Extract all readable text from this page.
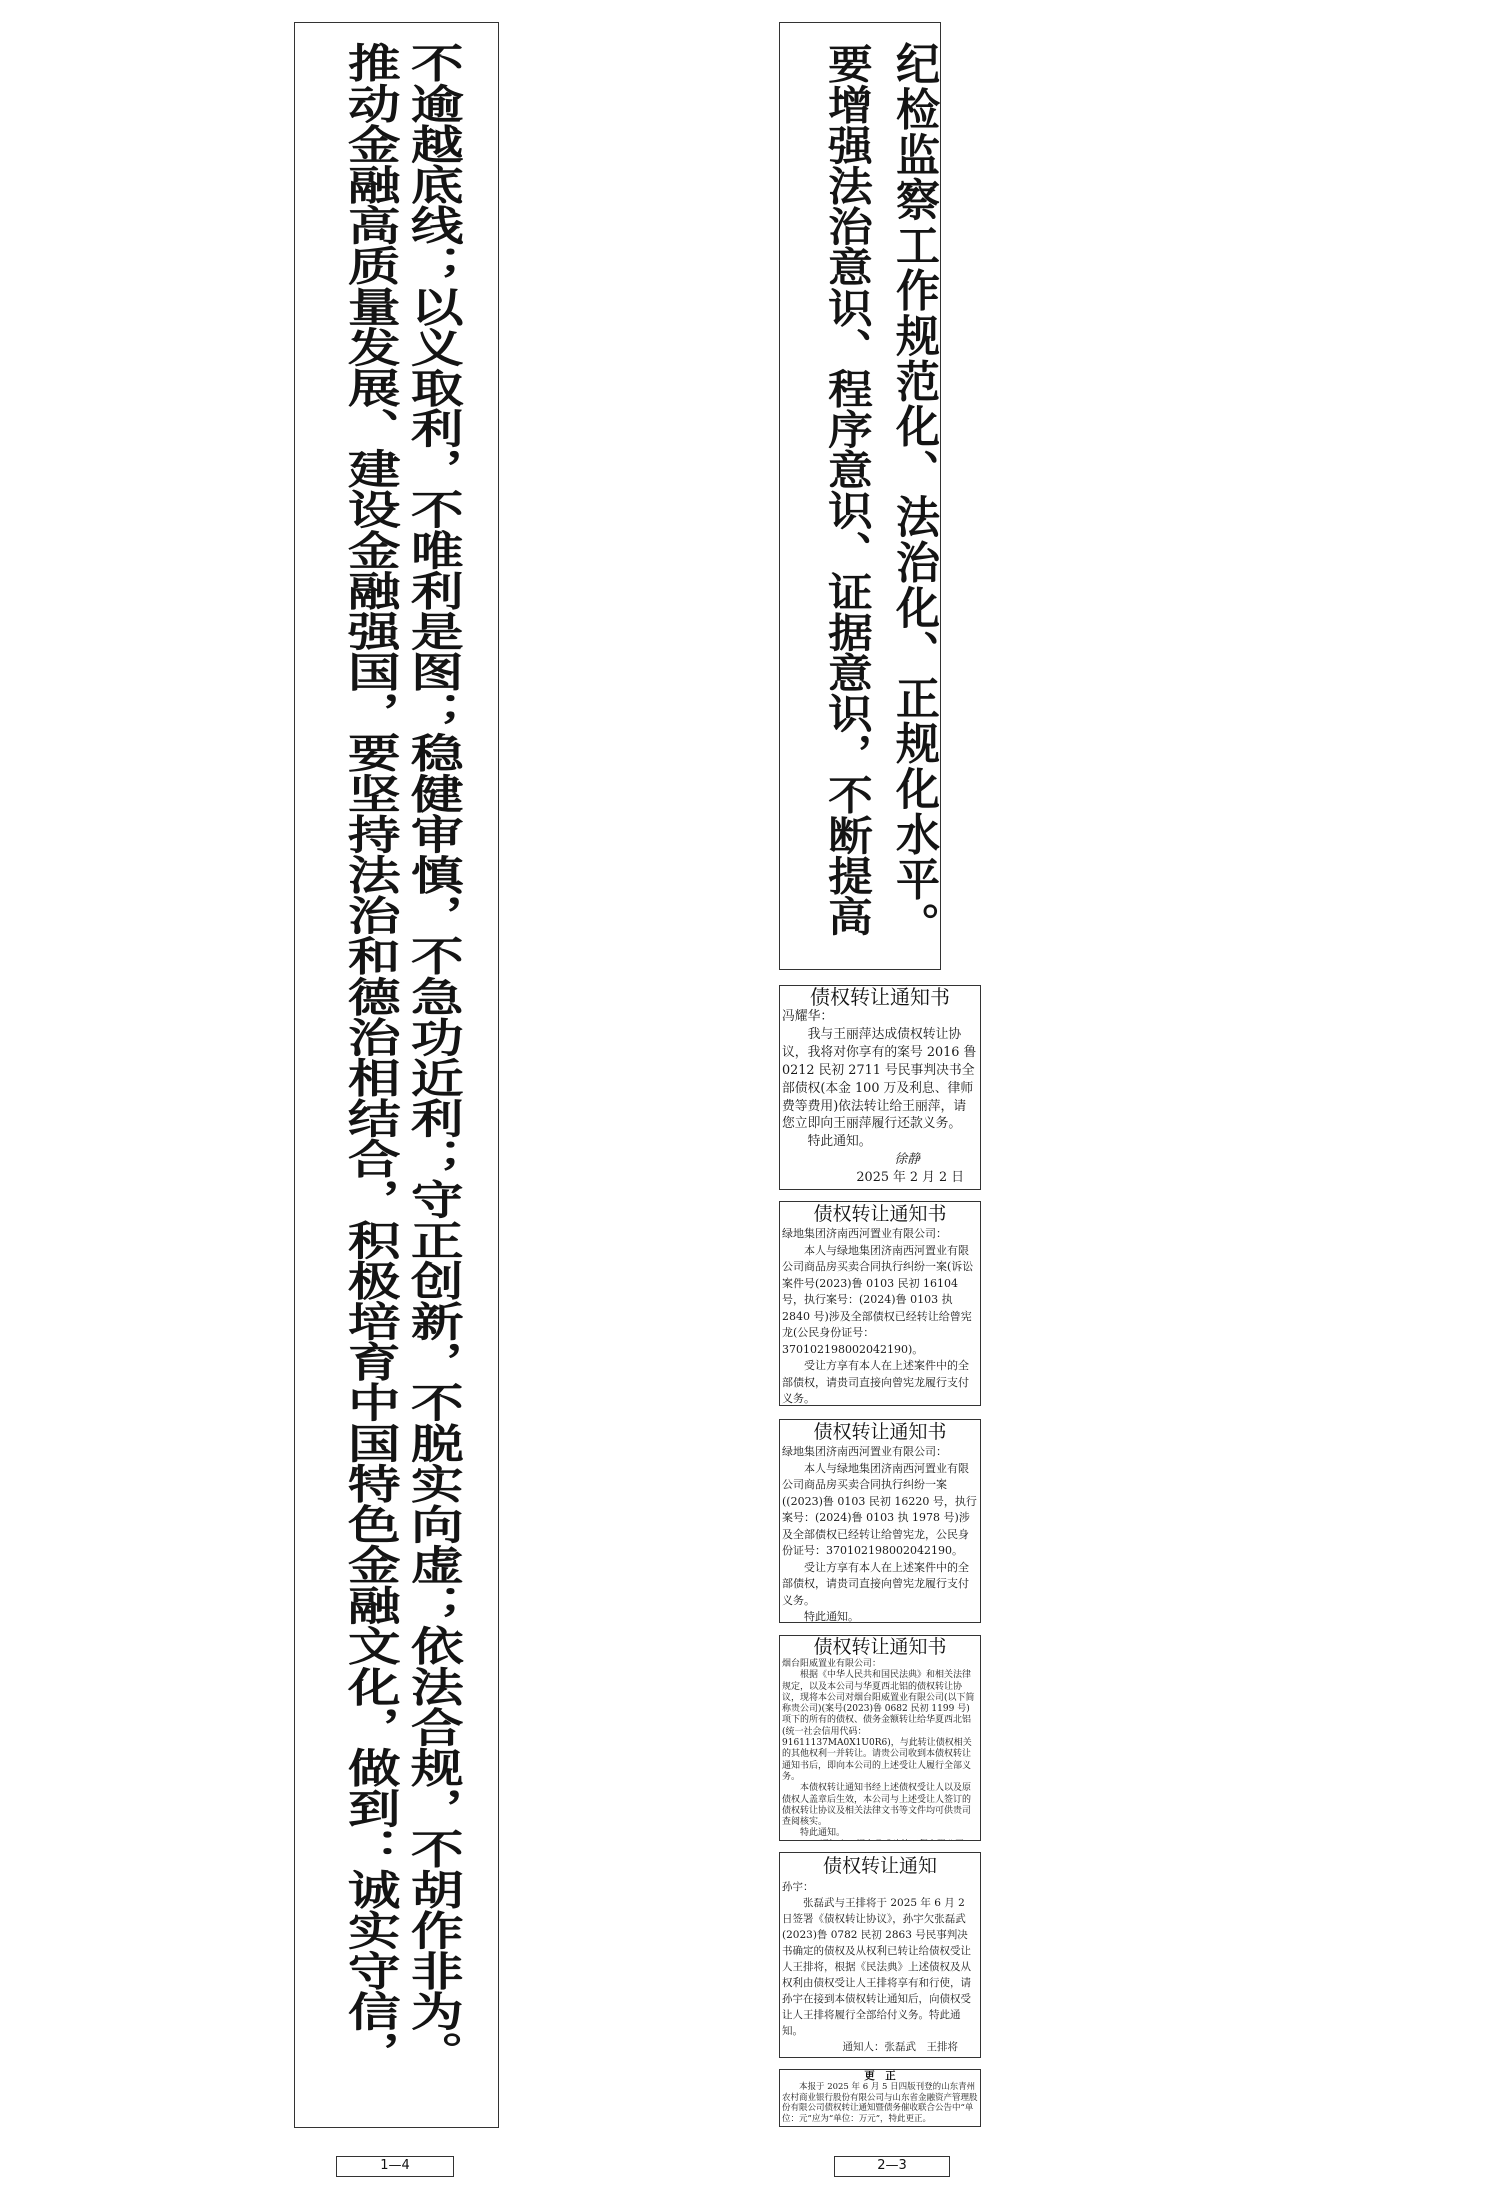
推动金融高质量发展、建设金融强国，要坚持法治和德治相结合，积极培育中国特色金融文化，做到：诚实守信， 不逾越底线；以义取利，不唯利是图；稳健审慎，不急功近利；守正创新，不脱实向虚；依法合规，不胡作非为。	要增强法治意识、程序意识、证据意识，不断提高 纪检监察工作规范化、法治化、正规化水平。
债权转让通知书
冯耀华：

我与王丽萍达成债权转让协议，我将对你享有的案号 2016 鲁 0212 民初 2711 号民事判决书全部债权(本金 100 万及利息、律师费等费用)依法转让给王丽萍，请您立即向王丽萍履行还款义务。

特此通知。

徐静
2025 年 2 月 2 日
债权转让通知书
绿地集团济南西河置业有限公司：

本人与绿地集团济南西河置业有限公司商品房买卖合同执行纠纷一案(诉讼案件号(2023)鲁 0103 民初 16104 号，执行案号：(2024)鲁 0103 执 2840 号)涉及全部债权已经转让给曾宪龙(公民身份证号：370102198002042190)。

受让方享有本人在上述案件中的全部债权，请贵司直接向曾宪龙履行支付义务。

债权转让通知书
绿地集团济南西河置业有限公司：

本人与绿地集团济南西河置业有限公司商品房买卖合同执行纠纷一案((2023)鲁 0103 民初 16220 号，执行案号：(2024)鲁 0103 执 1978 号)涉及全部债权已经转让给曾宪龙，公民身份证号：370102198002042190。

受让方享有本人在上述案件中的全部债权，请贵司直接向曾宪龙履行支付义务。

特此通知。

债权转让通知书
烟台阳威置业有限公司：

根据《中华人民共和国民法典》和相关法律规定，以及本公司与华夏西北铝的债权转让协议，现将本公司对烟台阳威置业有限公司(以下简称贵公司)(案号(2023)鲁 0682 民初 1199 号)项下的所有的债权、债务金额转让给华夏西北铝(统一社会信用代码：91611137MA0X1U0R6)，与此转让债权相关的其他权利一并转让。请贵公司收到本债权转让通知书后，即向本公司的上述受让人履行全部义务。

本债权转让通知书经上述债权受让人以及原债权人盖章后生效，本公司与上述受让人签订的债权转让协议及相关法律文书等文件均可供贵司查阅核实。

特此通知。

债权转让通知
孙宇：

张磊武与王排将于 2025 年 6 月 2 日签署《债权转让协议》，孙宇欠张磊武(2023)鲁 0782 民初 2863 号民事判决书确定的债权及从权利已转让给债权受让人王排将，根据《民法典》上述债权及从权利由债权受让人王排将享有和行使，请孙宇在接到本债权转让通知后，向债权受让人王排将履行全部给付义务。特此通知。

通知人：张磊武　王排将
更　正

本报于 2025 年 6 月 5 日四版刊登的山东青州农村商业银行股份有限公司与山东省金融资产管理股份有限公司债权转让通知暨债务催收联合公告中“单位：元”应为“单位：万元”，特此更正。

1—4	2—3
